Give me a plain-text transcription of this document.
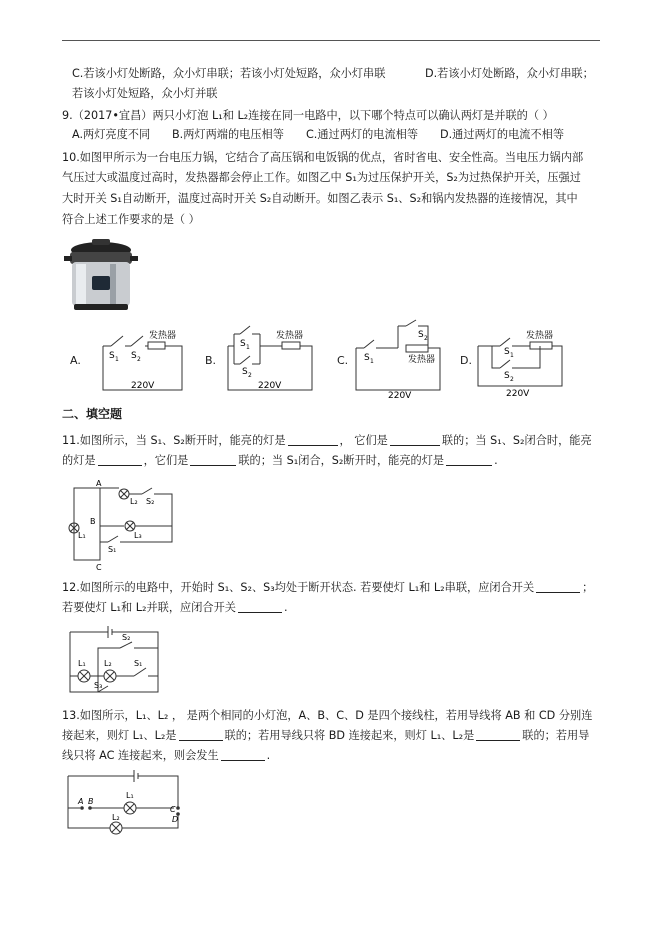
C.若该小灯处断路，众小灯串联；若该小灯处短路，众小灯串联	D.若该小灯处断路，众小灯串联；
若该小灯处短路，众小灯并联
9.（2017•宜昌）两只小灯泡 L₁和 L₂连接在同一电路中，以下哪个特点可以确认两灯是并联的（ ）
A.两灯亮度不同 B.两灯两端的电压相等 C.通过两灯的电流相等 D.通过两灯的电流不相等
10.如图甲所示为一台电压力锅，它结合了高压锅和电饭锅的优点，省时省电、安全性高。当电压力锅内部
气压过大或温度过高时，发热器都会停止工作。如图乙中 S₁为过压保护开关，S₂为过热保护开关，压强过
大时开关 S₁自动断开，温度过高时开关 S₂自动断开。如图乙表示 S₁、S₂和锅内发热器的连接情况，其中
符合上述工作要求的是（ ）
A.	B.	C.	D.
发热器
S 1 S 2
220V
发热器
S 1
S 2
220V
S 2
发热器
S 1
220V
发热器
S 1
S 2
220V
二、填空题
11.如图所示，当 S₁、S₂断开时，能亮的灯是	， 它们是	联的；当 S₁、S₂闭合时，能亮
的灯是	，它们是	联的；当 S₁闭合，S₂断开时，能亮的灯是	.
L₂ S₂
L₁
B
A
S₁
L₃
C
12.如图所示的电路中，开始时 S₁、S₂、S₃均处于断开状态. 若要使灯 L₁和 L₂串联，应闭合开关	；
若要使灯 L₁和 L₂并联，应闭合开关	.
S₂
L₁ L₂	S₁
S₃
13.如图所示，L₁、L₂ ， 是两个相同的小灯泡，A、B、C、D 是四个接线柱，若用导线将 AB 和 CD 分别连
接起来，则灯 L₁、L₂是	联的；若用导线只将 BD 连接起来，则灯 L₁、L₂是	联的；若用导
线只将 AC 连接起来，则会发生	.
A B
L₁
C
D
L₂
